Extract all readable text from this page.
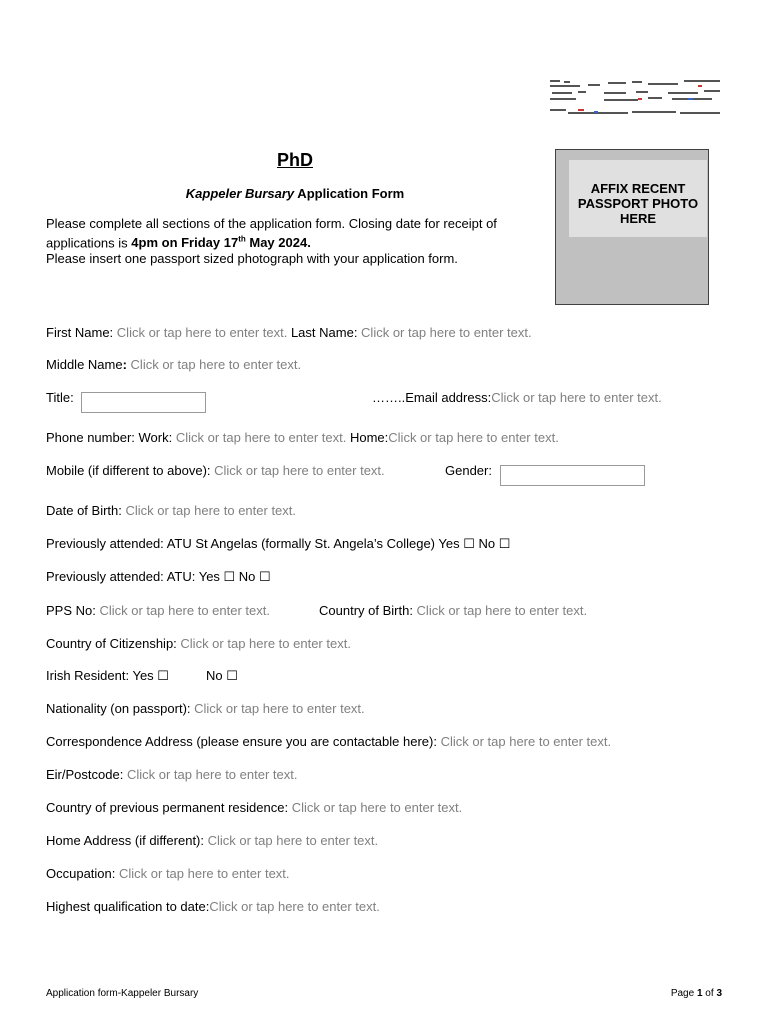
PhD
Kappeler Bursary Application Form
Please complete all sections of the application form. Closing date for receipt of
applications is 4pm on Friday 17th May 2024.
Please insert one passport sized photograph with your application form.
AFFIX RECENT
PASSPORT PHOTO
HERE
First Name: Click or tap here to enter text. Last Name: Click or tap here to enter text.
Middle Name: Click or tap here to enter text.
Title:	……..Email address:Click or tap here to enter text.
Phone number: Work: Click or tap here to enter text. Home:Click or tap here to enter text.
Mobile (if different to above): Click or tap here to enter text.	Gender:
Date of Birth: Click or tap here to enter text.
Previously attended: ATU St Angelas (formally St. Angela’s College) Yes ☐ No ☐
Previously attended: ATU: Yes ☐ No ☐
PPS No: Click or tap here to enter text.	Country of Birth: Click or tap here to enter text.
Country of Citizenship: Click or tap here to enter text.
Irish Resident: Yes ☐	No ☐
Nationality (on passport): Click or tap here to enter text.
Correspondence Address (please ensure you are contactable here): Click or tap here to enter text.
Eir/Postcode: Click or tap here to enter text.
Country of previous permanent residence: Click or tap here to enter text.
Home Address (if different): Click or tap here to enter text.
Occupation: Click or tap here to enter text.
Highest qualification to date:Click or tap here to enter text.
Application form-Kappeler Bursary	Page 1 of 3
